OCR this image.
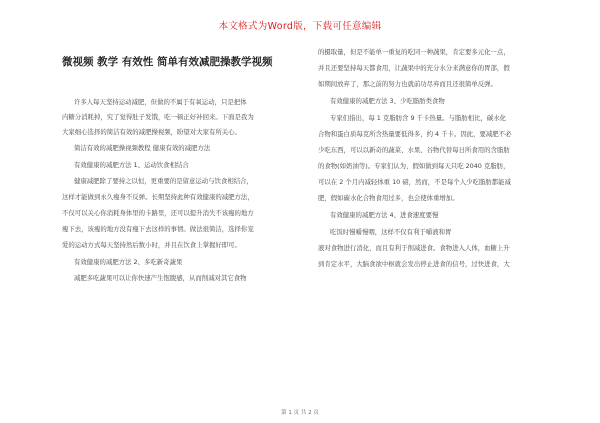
本文格式为Word版，下载可任意编辑
微视频 教学 有效性 简单有效减肥操教学视频
许多人每天坚持运动减肥，但做的不属于有氧运动，只是把体
内糖分消耗掉，究了觉得肚子发饿，吃一顿正好补回来。下面是我为
大家细心选择的简洁有效的减肥操视频，盼望对大家有所关心。
简洁有效的减肥操视频教程 健康有效的减肥方法
有效健康的减肥方法 1、运动饮食相结合
健康减肥除了要持之以恒，更重要的是留意运动与饮食相结合，
这样才能做到永久瘦身不反弹。长期坚持此种有效健康的减肥方法，
不仅可以关心你消耗身体里的卡路里，还可以提升消失不该瘦的地方
瘦下去，该瘦的地方没有瘦下去这样的事情。做法很简洁，选择你宠
爱的运动方式每天坚持然后数小时，并且在饮食上掌握好即可。
有效健康的减肥方法 2、多吃新奇蔬果
减肥多吃蔬果可以让你快速产生饱腹感，从而削减对其它食物
的摄取量，但是不能单一重复的吃同一种蔬果，肯定要多元化一点，
并且还要坚持每天都食用，让蔬果中的充分水分来满意你的胃部，假
如期间放弃了，那之前的努力也就前功尽弃而且还很简单反弹。
有效健康的减肥方法 3、少吃脂肪类食物
专家们指出，每 1 克脂肪含 9 千卡热量。与脂肪相比，碳水化
合物和蛋白质每克所含热量要低得多，约 4 千卡。因此，要减肥不必
少吃东西，可以以新奇的蔬菜、水果、谷物代替每日所食用的含脂肪
的食物(如奶油等)。专家们认为，假如做到每天只吃 2040 克脂肪，
可以在 2 个月内减轻体重 10 磅，然而，不是每个人少吃脂肪都能减
肥，假如碳水化合物食用过多，也会使体重增加。
有效健康的减肥方法 4、进食速度要慢
吃饭时慢嚼慢咽，这样不仅有利于嚼液和胃
液对食物进行消化，而且有利于削减进食。食物进入人体，血糖上升
到肯定水平，大脑食欲中枢就会发出停止进食的信号，过快进食，大
第 1 页 共 2 页
